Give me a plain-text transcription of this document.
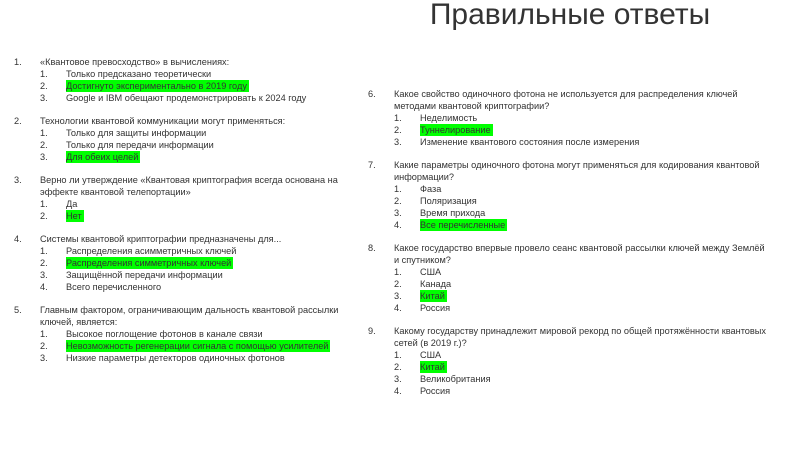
Правильные ответы
1.	«Квантовое превосходство» в вычислениях:
1.	Только предсказано теоретически
2.	Достигнуто экспериментально в 2019 году
3.	Google и IBM обещают продемонстрировать к 2024 году
2.	Технологии квантовой коммуникации могут применяться:
1.	Только для защиты информации
2.	Только для передачи информации
3.	Для обеих целей
3.	Верно ли утверждение «Квантовая криптография всегда основана на эффекте квантовой телепортации»
1.	Да
2.	Нет
4.	Системы квантовой криптографии предназначены для...
1.	Распределения асимметричных ключей
2.	Распределения симметричных ключей
3.	Защищённой передачи информации
4.	Всего перечисленного
5.	Главным фактором, ограничивающим дальность квантовой рассылки ключей, является:
1.	Высокое поглощение фотонов в канале связи
2.	Невозможность регенерации сигнала с помощью усилителей
3.	Низкие параметры детекторов одиночных фотонов
6.	Какое свойство одиночного фотона не используется для распределения ключей методами квантовой криптографии?
1.	Неделимость
2.	Туннелирование
3.	Изменение квантового состояния после измерения
7.	Какие параметры одиночного фотона могут применяться для кодирования квантовой информации?
1.	Фаза
2.	Поляризация
3.	Время прихода
4.	Все перечисленные
8.	Какое государство впервые провело сеанс квантовой рассылки ключей между Землёй и спутником?
1.	США
2.	Канада
3.	Китай
4.	Россия
9.	Какому государству принадлежит мировой рекорд по общей протяжённости квантовых сетей (в 2019 г.)?
1.	США
2.	Китай
3.	Великобритания
4.	Россия
